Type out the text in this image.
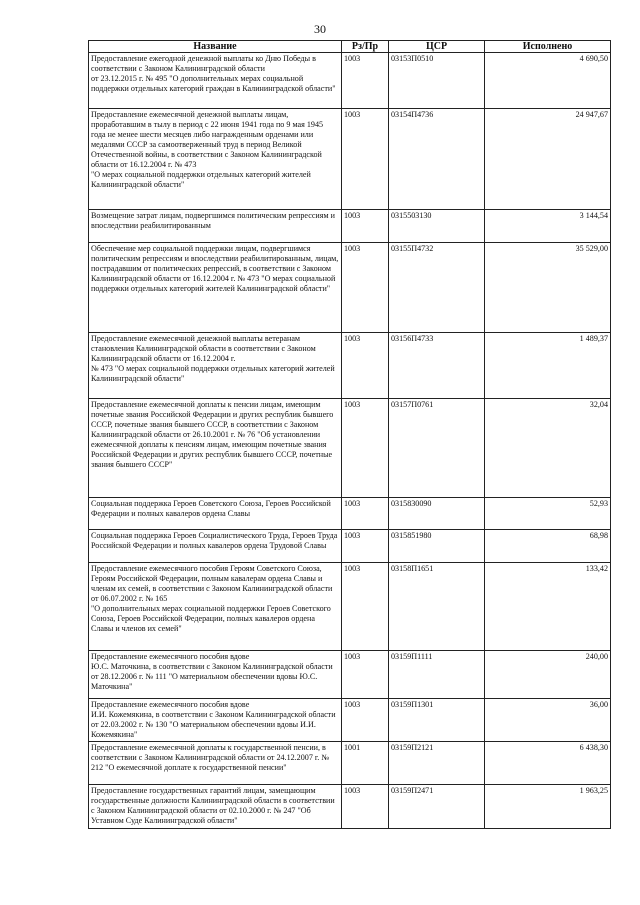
30
Название	Рз/Пр	ЦСР	Исполнено
Предоставление ежегодной денежной выплаты ко Дню Победы в соответствии с Законом Калининградской области
от 23.12.2015 г. № 495 "О дополнительных мерах социальной поддержки отдельных категорий граждан в Калининградской области"	1003	03153П0510	4 690,50
Предоставление ежемесячной денежной выплаты лицам, проработавшим в тылу в период с 22 июня 1941 года по 9 мая 1945 года не менее шести месяцев либо награжденным орденами или медалями СССР за самоотверженный труд в период Великой Отечественной войны, в соответствии с Законом Калининградской области от 16.12.2004 г. № 473
"О мерах социальной поддержки отдельных категорий жителей Калининградской области"	1003	03154П4736	24 947,67
Возмещение затрат лицам, подвергшимся политическим репрессиям и впоследствии реабилитированным	1003	0315503130	3 144,54
Обеспечение мер социальной поддержки лицам, подвергшимся политическим репрессиям и впоследствии реабилитированным, лицам, пострадавшим от политических репрессий, в соответствии с Законом Калининградской области от 16.12.2004 г. № 473 "О мерах социальной поддержки отдельных категорий жителей Калининградской области"	1003	03155П4732	35 529,00
Предоставление ежемесячной денежной выплаты ветеранам становления Калининградской области в соответствии с Законом Калининградской области от 16.12.2004 г.
№ 473 "О мерах социальной поддержки отдельных категорий жителей Калининградской области"	1003	03156П4733	1 489,37
Предоставление ежемесячной доплаты к пенсии лицам, имеющим почетные звания Российской Федерации и других республик бывшего СССР, почетные звания бывшего СССР, в соответствии с Законом Калининградской области от 26.10.2001 г. № 76 "Об установлении ежемесячной доплаты к пенсиям лицам, имеющим почетные звания Российской Федерации и других республик бывшего СССР, почетные звания бывшего СССР"	1003	03157П0761	32,04
Социальная поддержка Героев Советского Союза, Героев Российской Федерации и полных кавалеров ордена Славы	1003	0315830090	52,93
Социальная поддержка Героев Социалистического Труда, Героев Труда Российской Федерации и полных кавалеров ордена Трудовой Славы	1003	0315851980	68,98
Предоставление ежемесячного пособия Героям Советского Союза, Героям Российской Федерации, полным кавалерам ордена Славы и членам их семей, в соответствии с Законом Калининградской области от 06.07.2002 г. № 165
"О дополнительных мерах социальной поддержки Героев Советского Союза, Героев Российской Федерации, полных кавалеров ордена Славы и членов их семей"	1003	03158П1651	133,42
Предоставление ежемесячного пособия вдове
Ю.С. Маточкина, в соответствии с Законом Калининградской области от 28.12.2006 г. № 111 "О материальном обеспечении вдовы Ю.С. Маточкина"	1003	03159П1111	240,00
Предоставление ежемесячного пособия вдове
И.И. Кожемякина, в соответствии с Законом Калининградской области от 22.03.2002 г. № 130 "О материальном обеспечении вдовы И.И. Кожемякина"	1003	03159П1301	36,00
Предоставление ежемесячной доплаты к государственной пенсии, в соответствии с Законом Калининградской области от 24.12.2007 г. № 212 "О ежемесячной доплате к государственной пенсии"	1001	03159П2121	6 438,30
Предоставление государственных гарантий лицам, замещающим государственные должности Калининградской области в соответствии с Законом Калининградской области от 02.10.2000 г. № 247 "Об Уставном Суде Калининградской области"	1003	03159П2471	1 963,25
